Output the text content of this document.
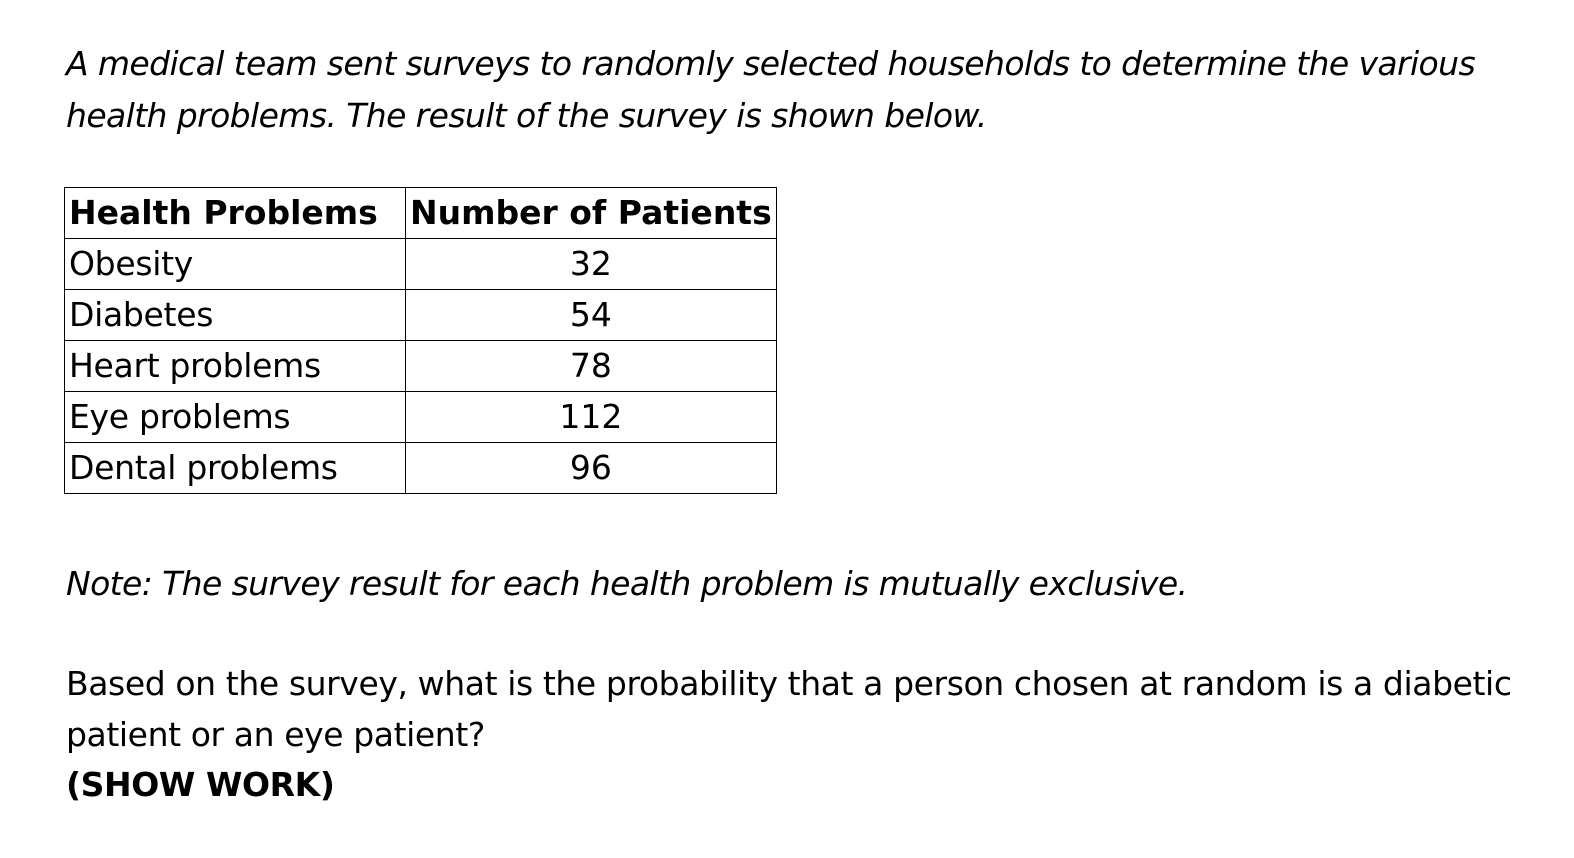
A medical team sent surveys to randomly selected households to determine the various health problems. The result of the survey is shown below.

Health Problems	Number of Patients
Obesity	32
Diabetes	54
Heart problems	78
Eye problems	112
Dental problems	96

Note: The survey result for each health problem is mutually exclusive.

Based on the survey, what is the probability that a person chosen at random is a diabetic patient or an eye patient?

(SHOW WORK)
